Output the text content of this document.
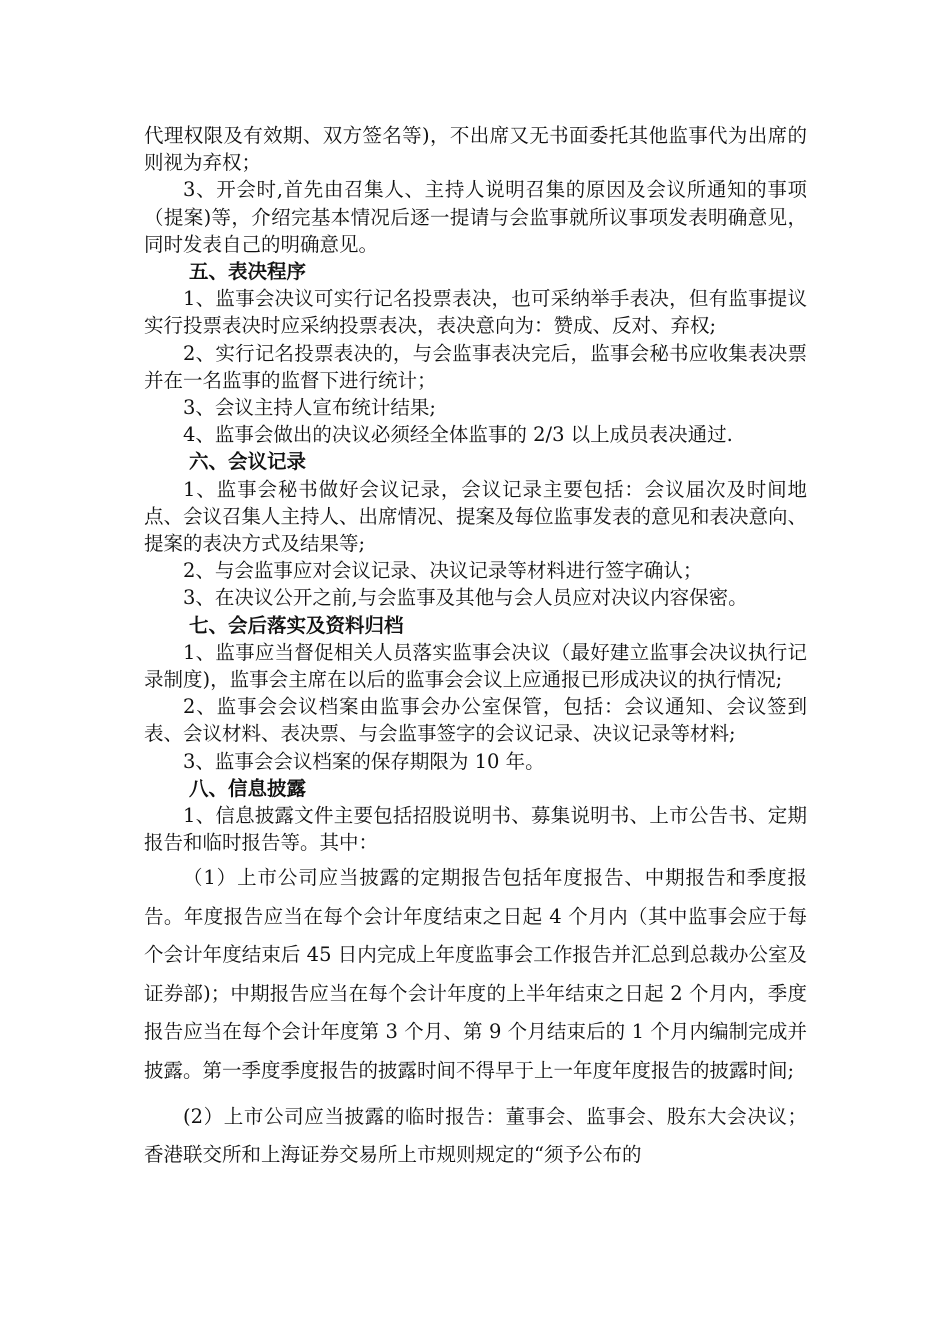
代理权限及有效期、双方签名等)，不出席又无书面委托其他监事代为出席的则视为弃权；

3、开会时,首先由召集人、主持人说明召集的原因及会议所通知的事项（提案)等，介绍完基本情况后逐一提请与会监事就所议事项发表明确意见，同时发表自己的明确意见。

五、表决程序

1、监事会决议可实行记名投票表决，也可采纳举手表决，但有监事提议实行投票表决时应采纳投票表决，表决意向为：赞成、反对、弃权;

2、实行记名投票表决的，与会监事表决完后，监事会秘书应收集表决票并在一名监事的监督下进行统计；

3、会议主持人宣布统计结果;

4、监事会做出的决议必须经全体监事的 2/3 以上成员表决通过.

六、会议记录

1、监事会秘书做好会议记录，会议记录主要包括：会议届次及时间地点、会议召集人主持人、出席情况、提案及每位监事发表的意见和表决意向、提案的表决方式及结果等;

2、与会监事应对会议记录、决议记录等材料进行签字确认；

3、在决议公开之前,与会监事及其他与会人员应对决议内容保密。

七、会后落实及资料归档

1、监事应当督促相关人员落实监事会决议（最好建立监事会决议执行记录制度)，监事会主席在以后的监事会会议上应通报已形成决议的执行情况;

2、监事会会议档案由监事会办公室保管，包括：会议通知、会议签到表、会议材料、表决票、与会监事签字的会议记录、决议记录等材料;

3、监事会会议档案的保存期限为 10 年。

八、信息披露

1、信息披露文件主要包括招股说明书、募集说明书、上市公告书、定期报告和临时报告等。其中：

（1）上市公司应当披露的定期报告包括年度报告、中期报告和季度报告。年度报告应当在每个会计年度结束之日起 4 个月内（其中监事会应于每个会计年度结束后 45 日内完成上年度监事会工作报告并汇总到总裁办公室及证券部)；中期报告应当在每个会计年度的上半年结束之日起 2 个月内，季度报告应当在每个会计年度第 3 个月、第 9 个月结束后的 1 个月内编制完成并披露。第一季度季度报告的披露时间不得早于上一年度年度报告的披露时间;

(2）上市公司应当披露的临时报告：董事会、监事会、股东大会决议；香港联交所和上海证券交易所上市规则规定的“须予公布的
